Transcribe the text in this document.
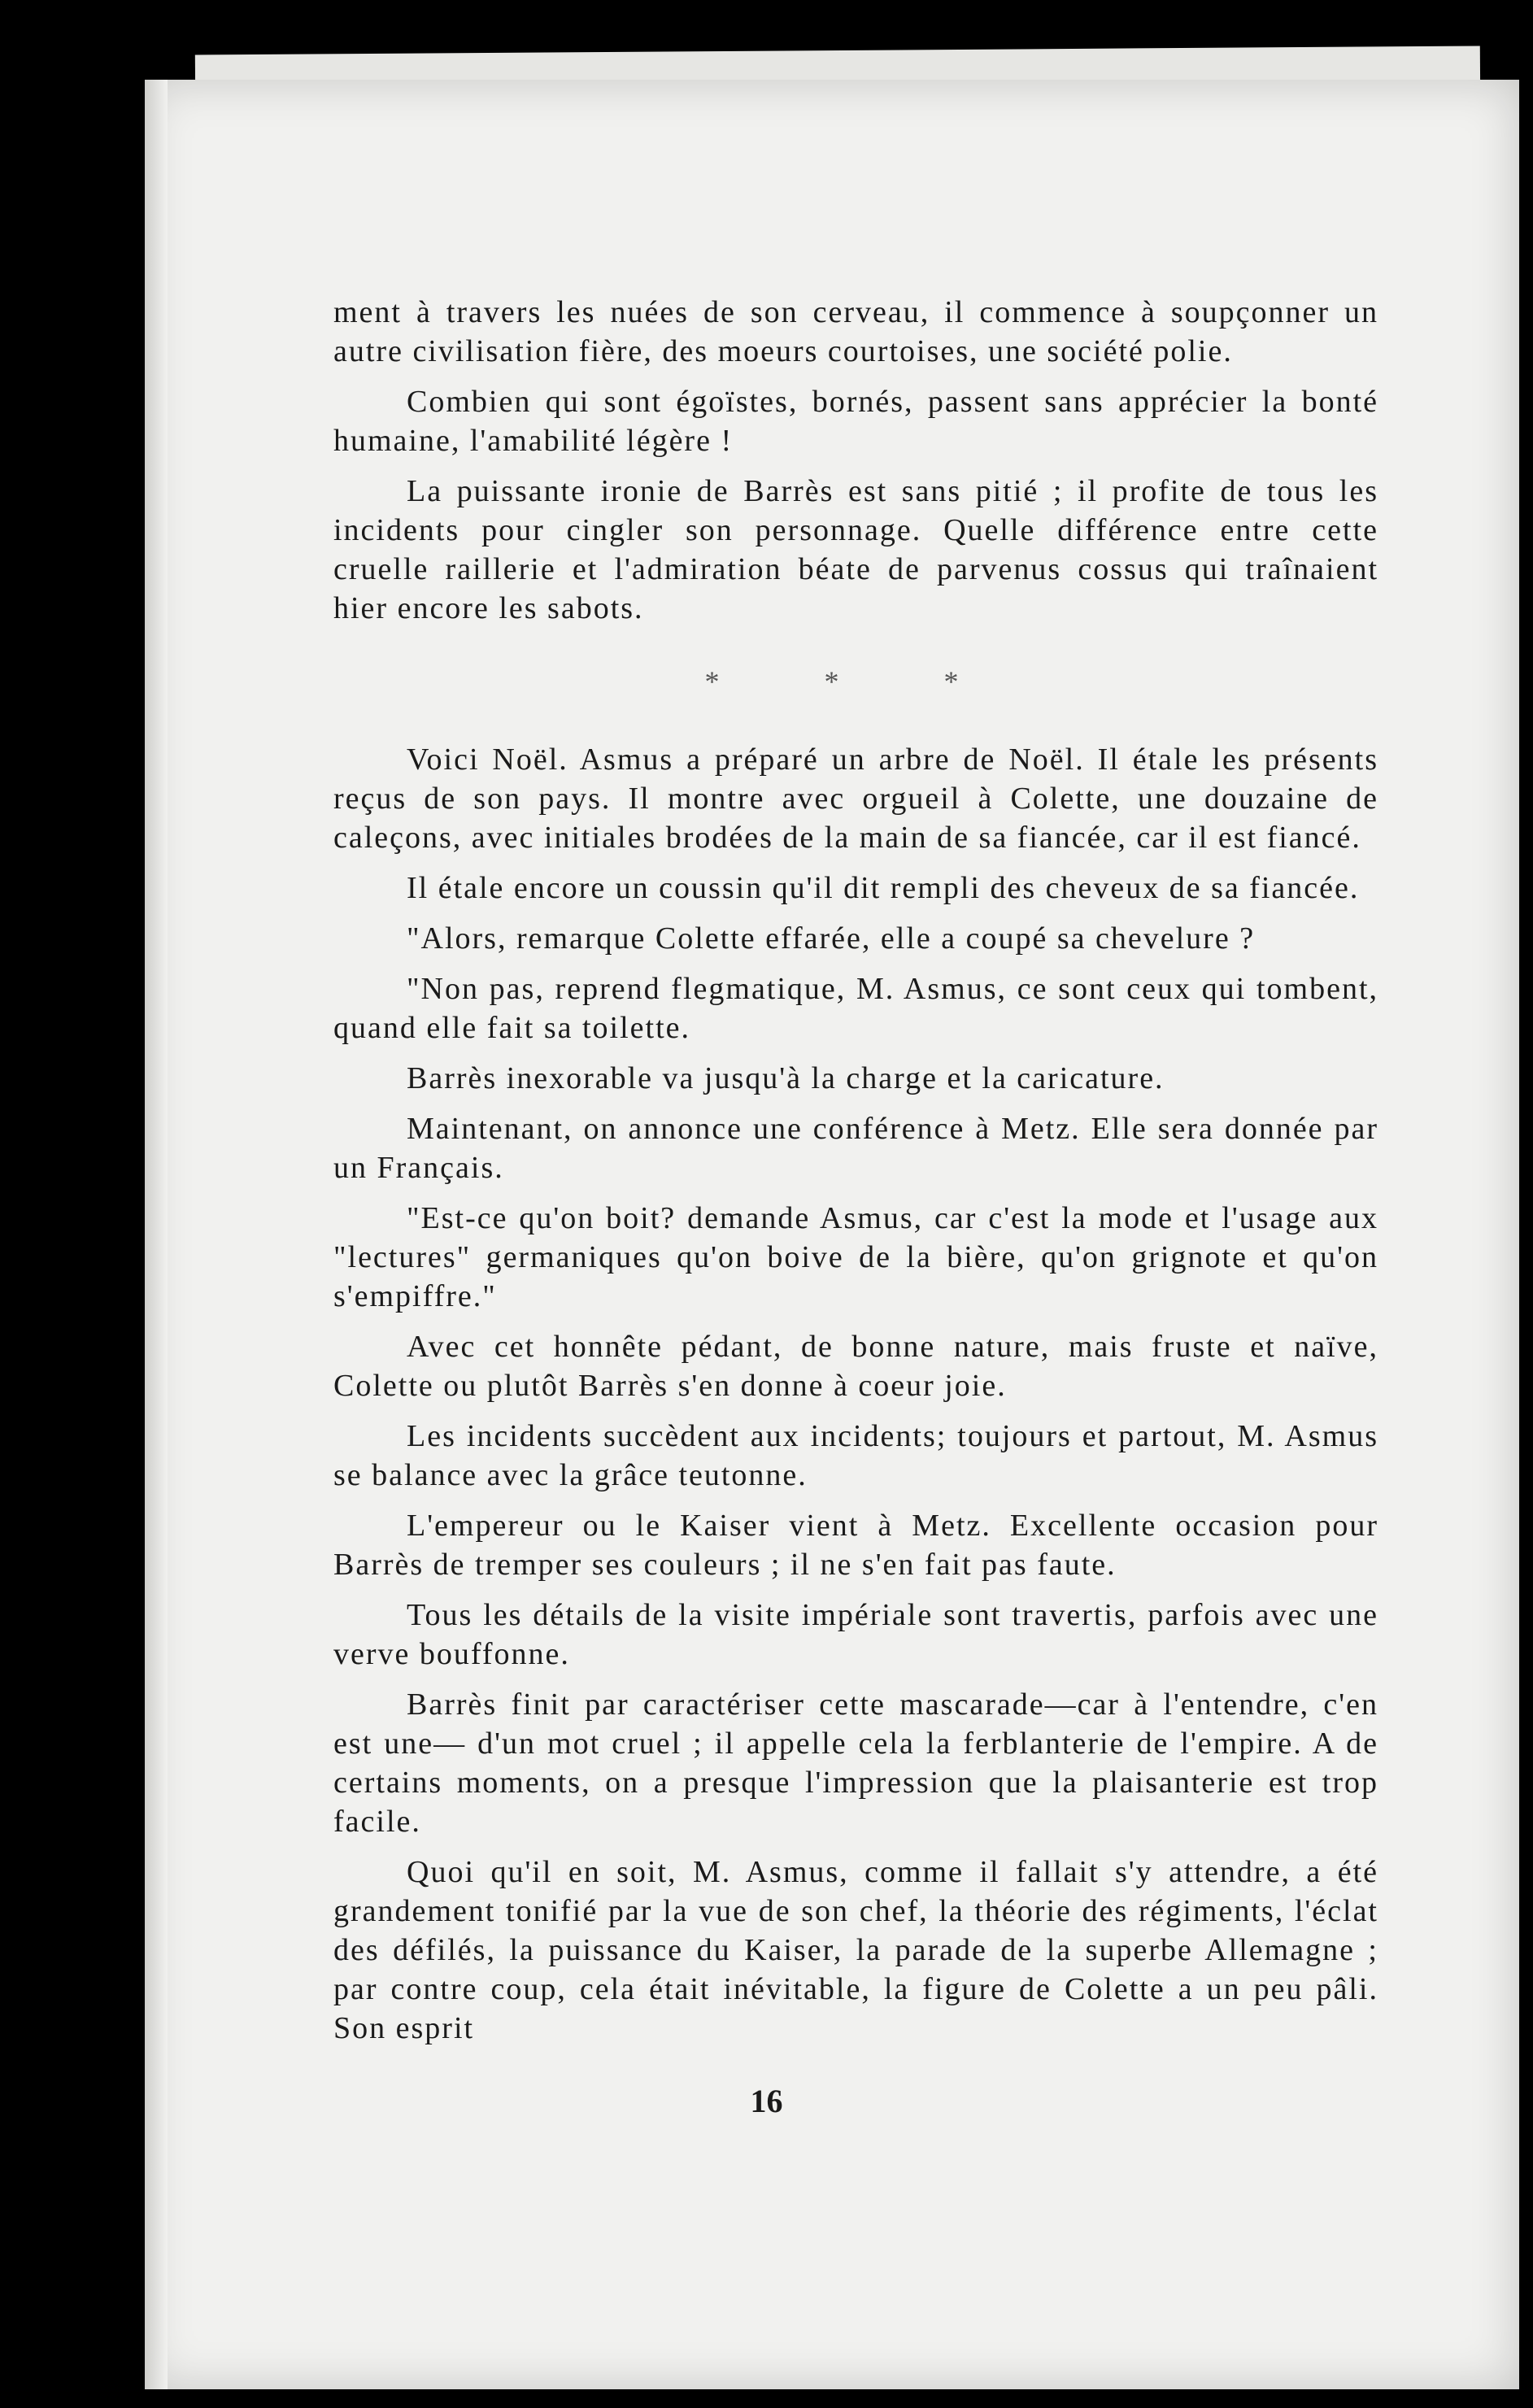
ment à travers les nuées de son cerveau, il commence à soupçonner un autre civilisation fière, des moeurs courtoises, une société polie.

Combien qui sont égoïstes, bornés, passent sans apprécier la bonté humaine, l'amabilité légère !

La puissante ironie de Barrès est sans pitié ; il profite de tous les incidents pour cingler son personnage. Quelle différence entre cette cruelle raillerie et l'admiration béate de parvenus cossus qui traînaient hier encore les sabots.

* * *

Voici Noël. Asmus a préparé un arbre de Noël. Il étale les présents reçus de son pays. Il montre avec orgueil à Colette, une douzaine de caleçons, avec initiales brodées de la main de sa fiancée, car il est fiancé.

Il étale encore un coussin qu'il dit rempli des cheveux de sa fiancée.

"Alors, remarque Colette effarée, elle a coupé sa chevelure ?

"Non pas, reprend flegmatique, M. Asmus, ce sont ceux qui tombent, quand elle fait sa toilette.

Barrès inexorable va jusqu'à la charge et la caricature.

Maintenant, on annonce une conférence à Metz. Elle sera donnée par un Français.

"Est-ce qu'on boit? demande Asmus, car c'est la mode et l'usage aux "lectures" germaniques qu'on boive de la bière, qu'on grignote et qu'on s'empiffre."

Avec cet honnête pédant, de bonne nature, mais fruste et naïve, Colette ou plutôt Barrès s'en donne à coeur joie.

Les incidents succèdent aux incidents; toujours et partout, M. Asmus se balance avec la grâce teutonne.

L'empereur ou le Kaiser vient à Metz. Excellente occasion pour Barrès de tremper ses couleurs ; il ne s'en fait pas faute.

Tous les détails de la visite impériale sont travertis, parfois avec une verve bouffonne.

Barrès finit par caractériser cette mascarade—car à l'entendre, c'en est une— d'un mot cruel ; il appelle cela la ferblanterie de l'empire. A de certains moments, on a presque l'impression que la plaisanterie est trop facile.

Quoi qu'il en soit, M. Asmus, comme il fallait s'y attendre, a été grandement tonifié par la vue de son chef, la théorie des régiments, l'éclat des défilés, la puissance du Kaiser, la parade de la superbe Allemagne ; par contre coup, cela était inévitable, la figure de Colette a un peu pâli. Son esprit

16
